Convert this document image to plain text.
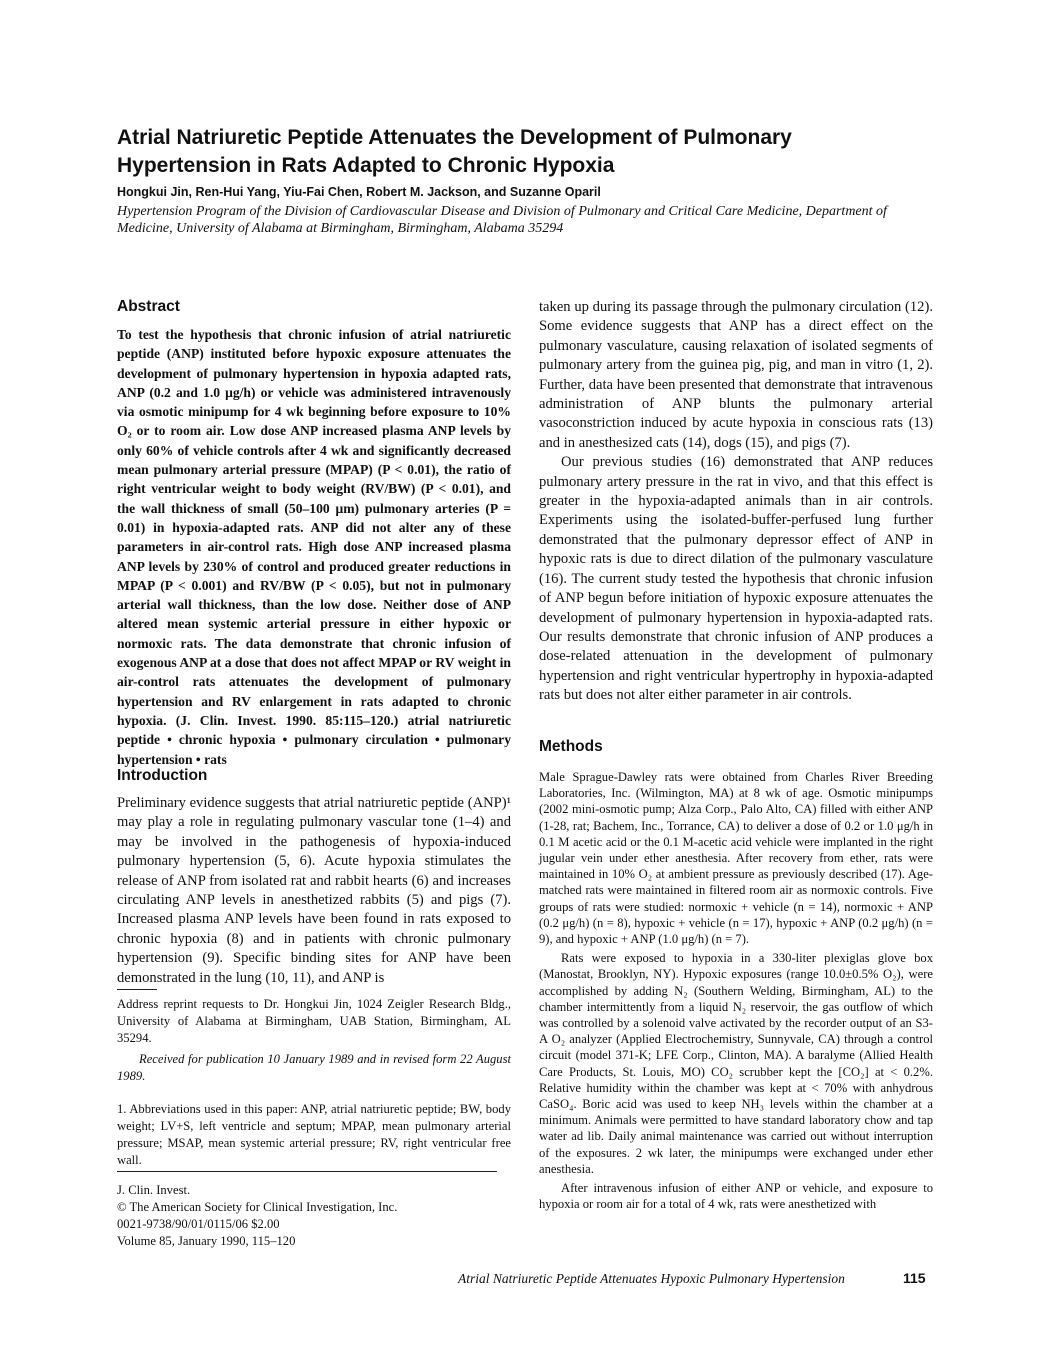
Atrial Natriuretic Peptide Attenuates the Development of Pulmonary Hypertension in Rats Adapted to Chronic Hypoxia
Hongkui Jin, Ren-Hui Yang, Yiu-Fai Chen, Robert M. Jackson, and Suzanne Oparil
Hypertension Program of the Division of Cardiovascular Disease and Division of Pulmonary and Critical Care Medicine, Department of Medicine, University of Alabama at Birmingham, Birmingham, Alabama 35294
Abstract

To test the hypothesis that chronic infusion of atrial natriuretic peptide (ANP) instituted before hypoxic exposure attenuates the development of pulmonary hypertension in hypoxia adapted rats, ANP (0.2 and 1.0 μg/h) or vehicle was administered intravenously via osmotic minipump for 4 wk beginning before exposure to 10% O₂ or to room air. Low dose ANP increased plasma ANP levels by only 60% of vehicle controls after 4 wk and significantly decreased mean pulmonary arterial pressure (MPAP) (P < 0.01), the ratio of right ventricular weight to body weight (RV/BW) (P < 0.01), and the wall thickness of small (50–100 μm) pulmonary arteries (P = 0.01) in hypoxia-adapted rats. ANP did not alter any of these parameters in air-control rats. High dose ANP increased plasma ANP levels by 230% of control and produced greater reductions in MPAP (P < 0.001) and RV/BW (P < 0.05), but not in pulmonary arterial wall thickness, than the low dose. Neither dose of ANP altered mean systemic arterial pressure in either hypoxic or normoxic rats. The data demonstrate that chronic infusion of exogenous ANP at a dose that does not affect MPAP or RV weight in air-control rats attenuates the development of pulmonary hypertension and RV enlargement in rats adapted to chronic hypoxia. (J. Clin. Invest. 1990. 85:115–120.) atrial natriuretic peptide • chronic hypoxia • pulmonary circulation • pulmonary hypertension • rats

Introduction

Preliminary evidence suggests that atrial natriuretic peptide (ANP)¹ may play a role in regulating pulmonary vascular tone (1–4) and may be involved in the pathogenesis of hypoxia-induced pulmonary hypertension (5, 6). Acute hypoxia stimulates the release of ANP from isolated rat and rabbit hearts (6) and increases circulating ANP levels in anesthetized rabbits (5) and pigs (7). Increased plasma ANP levels have been found in rats exposed to chronic hypoxia (8) and in patients with chronic pulmonary hypertension (9). Specific binding sites for ANP have been demonstrated in the lung (10, 11), and ANP is

Address reprint requests to Dr. Hongkui Jin, 1024 Zeigler Research Bldg., University of Alabama at Birmingham, UAB Station, Birmingham, AL 35294.

Received for publication 10 January 1989 and in revised form 22 August 1989.

1. Abbreviations used in this paper: ANP, atrial natriuretic peptide; BW, body weight; LV+S, left ventricle and septum; MPAP, mean pulmonary arterial pressure; MSAP, mean systemic arterial pressure; RV, right ventricular free wall.

J. Clin. Invest.
© The American Society for Clinical Investigation, Inc.
0021-9738/90/01/0115/06 $2.00
Volume 85, January 1990, 115–120

taken up during its passage through the pulmonary circulation (12). Some evidence suggests that ANP has a direct effect on the pulmonary vasculature, causing relaxation of isolated segments of pulmonary artery from the guinea pig, pig, and man in vitro (1, 2). Further, data have been presented that demonstrate that intravenous administration of ANP blunts the pulmonary arterial vasoconstriction induced by acute hypoxia in conscious rats (13) and in anesthesized cats (14), dogs (15), and pigs (7).

Our previous studies (16) demonstrated that ANP reduces pulmonary artery pressure in the rat in vivo, and that this effect is greater in the hypoxia-adapted animals than in air controls. Experiments using the isolated-buffer-perfused lung further demonstrated that the pulmonary depressor effect of ANP in hypoxic rats is due to direct dilation of the pulmonary vasculature (16). The current study tested the hypothesis that chronic infusion of ANP begun before initiation of hypoxic exposure attenuates the development of pulmonary hypertension in hypoxia-adapted rats. Our results demonstrate that chronic infusion of ANP produces a dose-related attenuation in the development of pulmonary hypertension and right ventricular hypertrophy in hypoxia-adapted rats but does not alter either parameter in air controls.

Methods

Male Sprague-Dawley rats were obtained from Charles River Breeding Laboratories, Inc. (Wilmington, MA) at 8 wk of age. Osmotic minipumps (2002 mini-osmotic pump; Alza Corp., Palo Alto, CA) filled with either ANP (1-28, rat; Bachem, Inc., Torrance, CA) to deliver a dose of 0.2 or 1.0 μg/h in 0.1 M acetic acid or the 0.1 M-acetic acid vehicle were implanted in the right jugular vein under ether anesthesia. After recovery from ether, rats were maintained in 10% O₂ at ambient pressure as previously described (17). Age-matched rats were maintained in filtered room air as normoxic controls. Five groups of rats were studied: normoxic + vehicle (n = 14), normoxic + ANP (0.2 μg/h) (n = 8), hypoxic + vehicle (n = 17), hypoxic + ANP (0.2 μg/h) (n = 9), and hypoxic + ANP (1.0 μg/h) (n = 7).

Rats were exposed to hypoxia in a 330-liter plexiglas glove box (Manostat, Brooklyn, NY). Hypoxic exposures (range 10.0±0.5% O₂), were accomplished by adding N₂ (Southern Welding, Birmingham, AL) to the chamber intermittently from a liquid N₂ reservoir, the gas outflow of which was controlled by a solenoid valve activated by the recorder output of an S3-A O₂ analyzer (Applied Electrochemistry, Sunnyvale, CA) through a control circuit (model 371-K; LFE Corp., Clinton, MA). A baralyme (Allied Health Care Products, St. Louis, MO) CO₂ scrubber kept the [CO₂] at < 0.2%. Relative humidity within the chamber was kept at < 70% with anhydrous CaSO₄. Boric acid was used to keep NH₃ levels within the chamber at a minimum. Animals were permitted to have standard laboratory chow and tap water ad lib. Daily animal maintenance was carried out without interruption of the exposures. 2 wk later, the minipumps were exchanged under ether anesthesia.

After intravenous infusion of either ANP or vehicle, and exposure to hypoxia or room air for a total of 4 wk, rats were anesthetized with

Atrial Natriuretic Peptide Attenuates Hypoxic Pulmonary Hypertension	115
